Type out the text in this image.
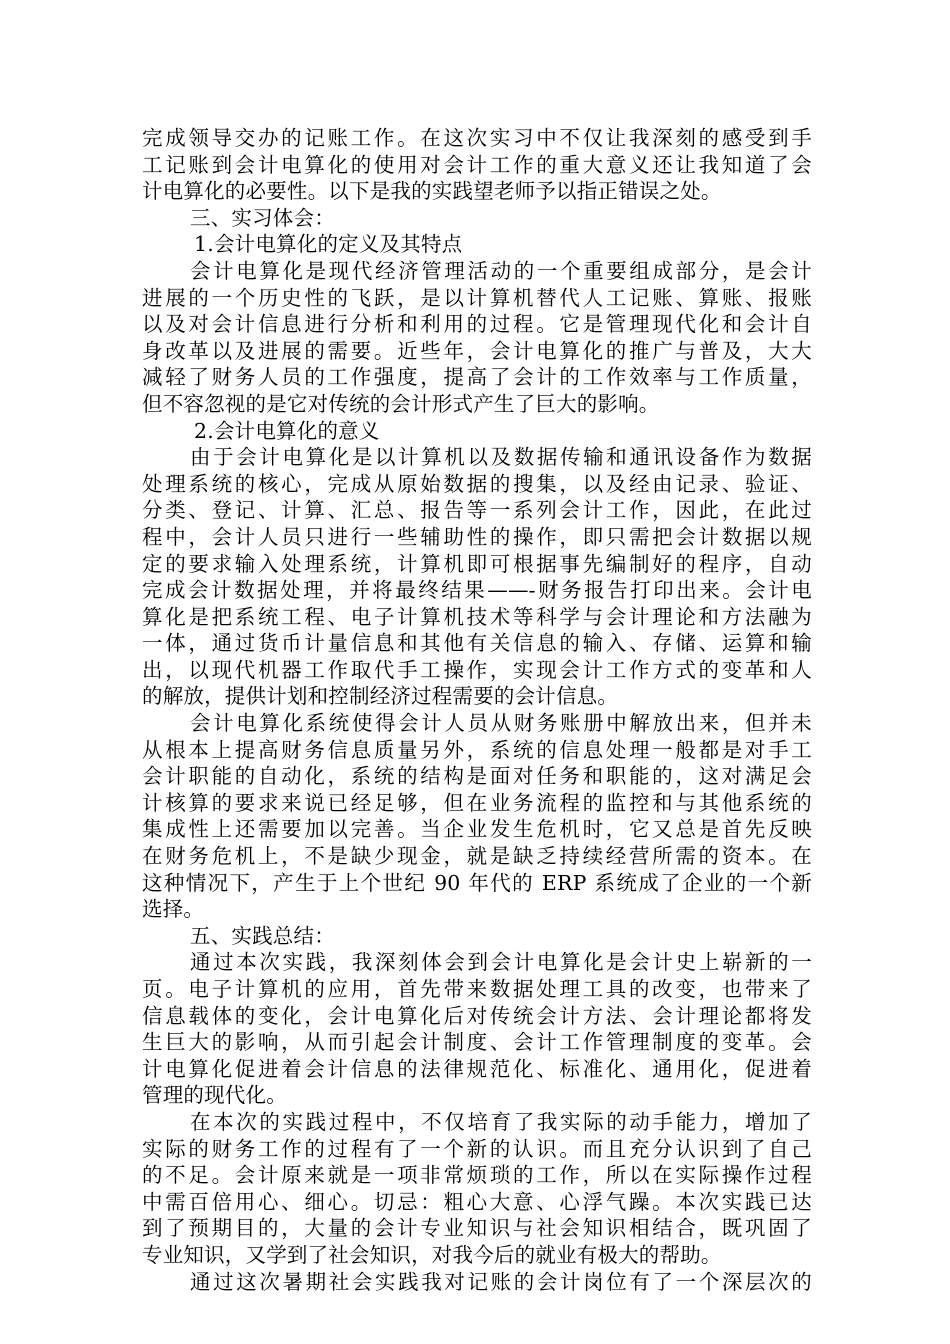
完成领导交办的记账工作。在这次实习中不仅让我深刻的感受到手
工记账到会计电算化的使用对会计工作的重大意义还让我知道了会
计电算化的必要性。以下是我的实践望老师予以指正错误之处。
三、实习体会：
1.会计电算化的定义及其特点
会计电算化是现代经济管理活动的一个重要组成部分，是会计
进展的一个历史性的飞跃，是以计算机替代人工记账、算账、报账
以及对会计信息进行分析和利用的过程。它是管理现代化和会计自
身改革以及进展的需要。近些年，会计电算化的推广与普及，大大
减轻了财务人员的工作强度，提高了会计的工作效率与工作质量，
但不容忽视的是它对传统的会计形式产生了巨大的影响。
2.会计电算化的意义
由于会计电算化是以计算机以及数据传输和通讯设备作为数据
处理系统的核心，完成从原始数据的搜集，以及经由记录、验证、
分类、登记、计算、汇总、报告等一系列会计工作，因此，在此过
程中，会计人员只进行一些辅助性的操作，即只需把会计数据以规
定的要求输入处理系统，计算机即可根据事先编制好的程序，自动
完成会计数据处理，并将最终结果——-财务报告打印出来。会计电
算化是把系统工程、电子计算机技术等科学与会计理论和方法融为
一体，通过货币计量信息和其他有关信息的输入、存储、运算和输
出，以现代机器工作取代手工操作，实现会计工作方式的变革和人
的解放，提供计划和控制经济过程需要的会计信息。
会计电算化系统使得会计人员从财务账册中解放出来，但并未
从根本上提高财务信息质量另外，系统的信息处理一般都是对手工
会计职能的自动化，系统的结构是面对任务和职能的，这对满足会
计核算的要求来说已经足够，但在业务流程的监控和与其他系统的
集成性上还需要加以完善。当企业发生危机时，它又总是首先反映
在财务危机上，不是缺少现金，就是缺乏持续经营所需的资本。在
这种情况下，产生于上个世纪 90 年代的 ERP 系统成了企业的一个新
选择。
五、实践总结：
通过本次实践，我深刻体会到会计电算化是会计史上崭新的一
页。电子计算机的应用，首先带来数据处理工具的改变，也带来了
信息载体的变化，会计电算化后对传统会计方法、会计理论都将发
生巨大的影响，从而引起会计制度、会计工作管理制度的变革。会
计电算化促进着会计信息的法律规范化、标准化、通用化，促进着
管理的现代化。
在本次的实践过程中，不仅培育了我实际的动手能力，增加了
实际的财务工作的过程有了一个新的认识。而且充分认识到了自己
的不足。会计原来就是一项非常烦琐的工作，所以在实际操作过程
中需百倍用心、细心。切忌：粗心大意、心浮气躁。本次实践已达
到了预期目的，大量的会计专业知识与社会知识相结合，既巩固了
专业知识，又学到了社会知识，对我今后的就业有极大的帮助。
通过这次暑期社会实践我对记账的会计岗位有了一个深层次的
